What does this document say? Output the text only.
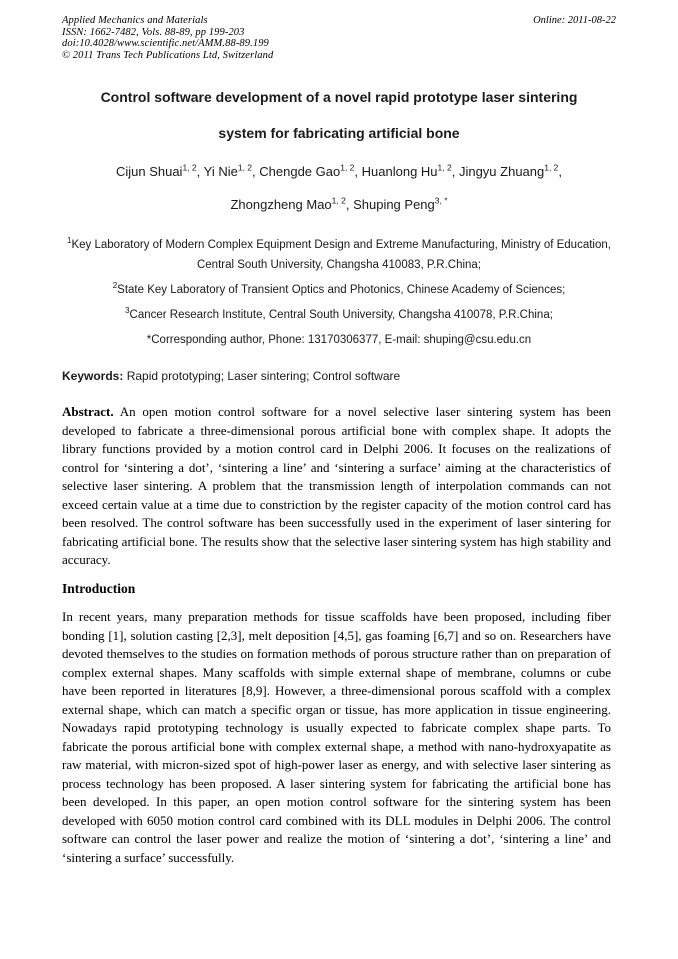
Applied Mechanics and Materials
ISSN: 1662-7482, Vols. 88-89, pp 199-203
doi:10.4028/www.scientific.net/AMM.88-89.199
© 2011 Trans Tech Publications Ltd, Switzerland
Online: 2011-08-22
Control software development of a novel rapid prototype laser sintering
system for fabricating artificial bone
Cijun Shuai$^{1, 2}$, Yi Nie$^{1, 2}$, Chengde Gao$^{1, 2}$, Huanlong Hu$^{1, 2}$, Jingyu Zhuang$^{1, 2}$,
Zhongzheng Mao$^{1, 2}$, Shuping Peng$^{3, *}$
$^1$Key Laboratory of Modern Complex Equipment Design and Extreme Manufacturing, Ministry of Education, Central South University, Changsha 410083, P.R.China;
$^2$State Key Laboratory of Transient Optics and Photonics, Chinese Academy of Sciences;
$^3$Cancer Research Institute, Central South University, Changsha 410078, P.R.China;
*Corresponding author, Phone: 13170306377, E-mail: shuping@csu.edu.cn
Keywords: Rapid prototyping; Laser sintering; Control software
Abstract. An open motion control software for a novel selective laser sintering system has been developed to fabricate a three-dimensional porous artificial bone with complex shape. It adopts the library functions provided by a motion control card in Delphi 2006. It focuses on the realizations of control for ‘sintering a dot’, ‘sintering a line’ and ‘sintering a surface’ aiming at the characteristics of selective laser sintering. A problem that the transmission length of interpolation commands can not exceed certain value at a time due to constriction by the register capacity of the motion control card has been resolved. The control software has been successfully used in the experiment of laser sintering for fabricating artificial bone. The results show that the selective laser sintering system has high stability and accuracy.
Introduction
In recent years, many preparation methods for tissue scaffolds have been proposed, including fiber bonding [1], solution casting [2,3], melt deposition [4,5], gas foaming [6,7] and so on. Researchers have devoted themselves to the studies on formation methods of porous structure rather than on preparation of complex external shapes. Many scaffolds with simple external shape of membrane, columns or cube have been reported in literatures [8,9]. However, a three-dimensional porous scaffold with a complex external shape, which can match a specific organ or tissue, has more application in tissue engineering. Nowadays rapid prototyping technology is usually expected to fabricate complex shape parts. To fabricate the porous artificial bone with complex external shape, a method with nano-hydroxyapatite as raw material, with micron-sized spot of high-power laser as energy, and with selective laser sintering as process technology has been proposed. A laser sintering system for fabricating the artificial bone has been developed. In this paper, an open motion control software for the sintering system has been developed with 6050 motion control card combined with its DLL modules in Delphi 2006. The control software can control the laser power and realize the motion of ‘sintering a dot’, ‘sintering a line’ and ‘sintering a surface’ successfully.
